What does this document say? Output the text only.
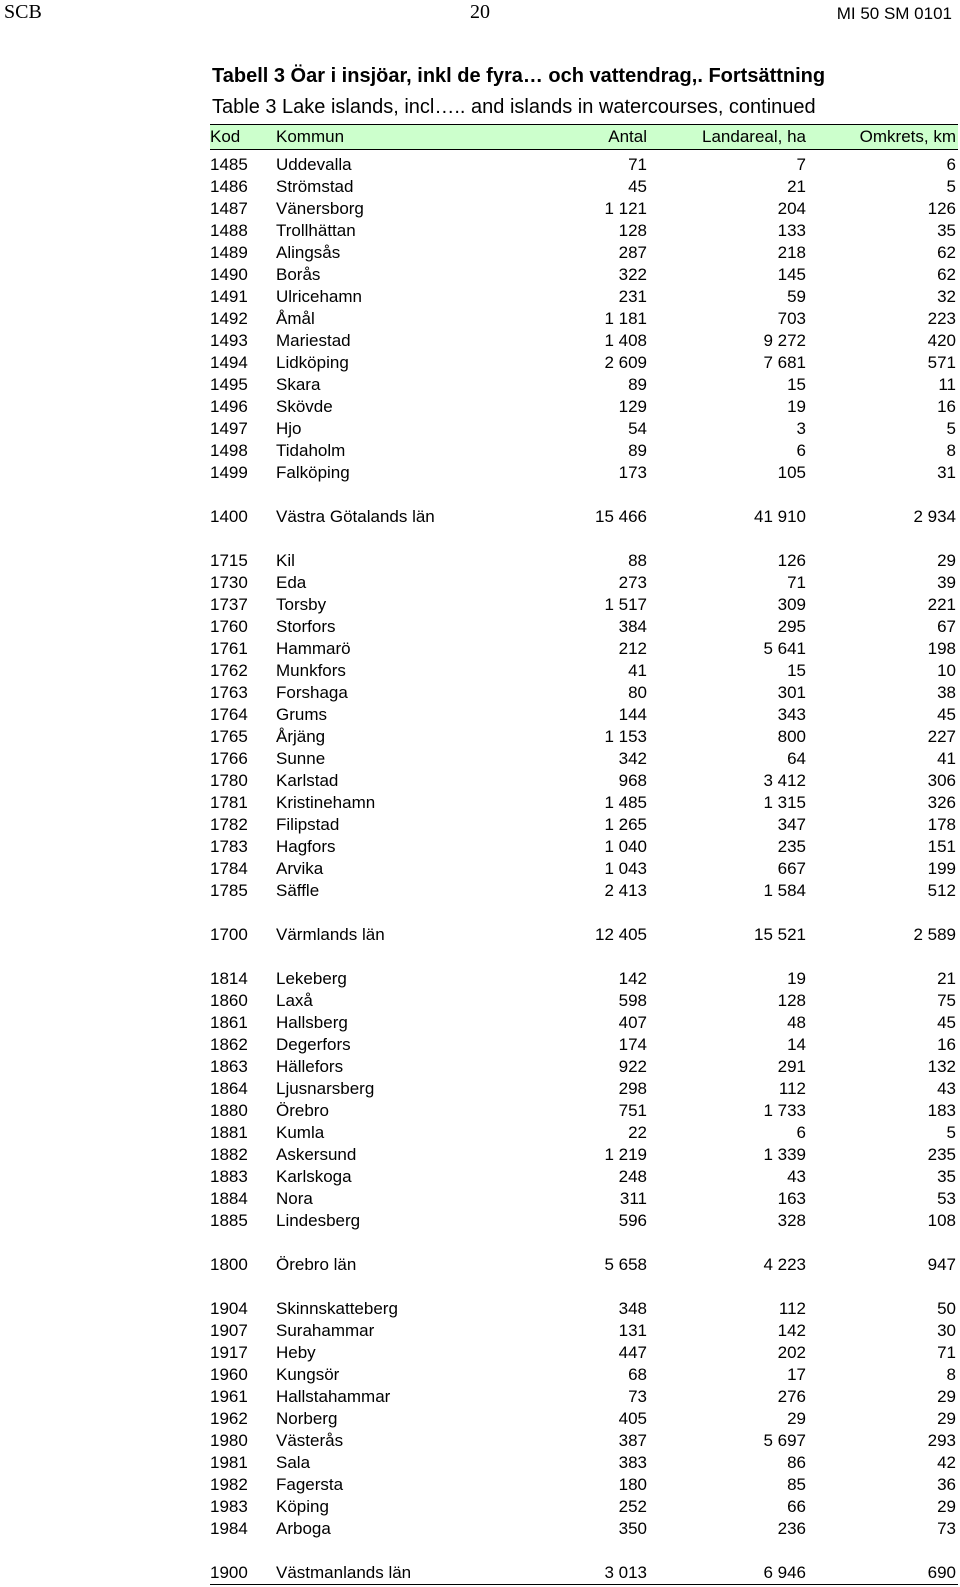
SCB	20	MI 50 SM 0101
Tabell 3 Öar i insjöar, inkl de fyra… och vattendrag,. Fortsättning
Table 3 Lake islands, incl….. and islands in watercourses, continued
Kod	Kommun	Antal	Landareal, ha	Omkrets, km
1485	Uddevalla	71	7	6
1486	Strömstad	45	21	5
1487	Vänersborg	1 121	204	126
1488	Trollhättan	128	133	35
1489	Alingsås	287	218	62
1490	Borås	322	145	62
1491	Ulricehamn	231	59	32
1492	Åmål	1 181	703	223
1493	Mariestad	1 408	9 272	420
1494	Lidköping	2 609	7 681	571
1495	Skara	89	15	11
1496	Skövde	129	19	16
1497	Hjo	54	3	5
1498	Tidaholm	89	6	8
1499	Falköping	173	105	31

1400	Västra Götalands län	15 466	41 910	2 934

1715	Kil	88	126	29
1730	Eda	273	71	39
1737	Torsby	1 517	309	221
1760	Storfors	384	295	67
1761	Hammarö	212	5 641	198
1762	Munkfors	41	15	10
1763	Forshaga	80	301	38
1764	Grums	144	343	45
1765	Årjäng	1 153	800	227
1766	Sunne	342	64	41
1780	Karlstad	968	3 412	306
1781	Kristinehamn	1 485	1 315	326
1782	Filipstad	1 265	347	178
1783	Hagfors	1 040	235	151
1784	Arvika	1 043	667	199
1785	Säffle	2 413	1 584	512

1700	Värmlands län	12 405	15 521	2 589

1814	Lekeberg	142	19	21
1860	Laxå	598	128	75
1861	Hallsberg	407	48	45
1862	Degerfors	174	14	16
1863	Hällefors	922	291	132
1864	Ljusnarsberg	298	112	43
1880	Örebro	751	1 733	183
1881	Kumla	22	6	5
1882	Askersund	1 219	1 339	235
1883	Karlskoga	248	43	35
1884	Nora	311	163	53
1885	Lindesberg	596	328	108

1800	Örebro län	5 658	4 223	947

1904	Skinnskatteberg	348	112	50
1907	Surahammar	131	142	30
1917	Heby	447	202	71
1960	Kungsör	68	17	8
1961	Hallstahammar	73	276	29
1962	Norberg	405	29	29
1980	Västerås	387	5 697	293
1981	Sala	383	86	42
1982	Fagersta	180	85	36
1983	Köping	252	66	29
1984	Arboga	350	236	73

1900	Västmanlands län	3 013	6 946	690
